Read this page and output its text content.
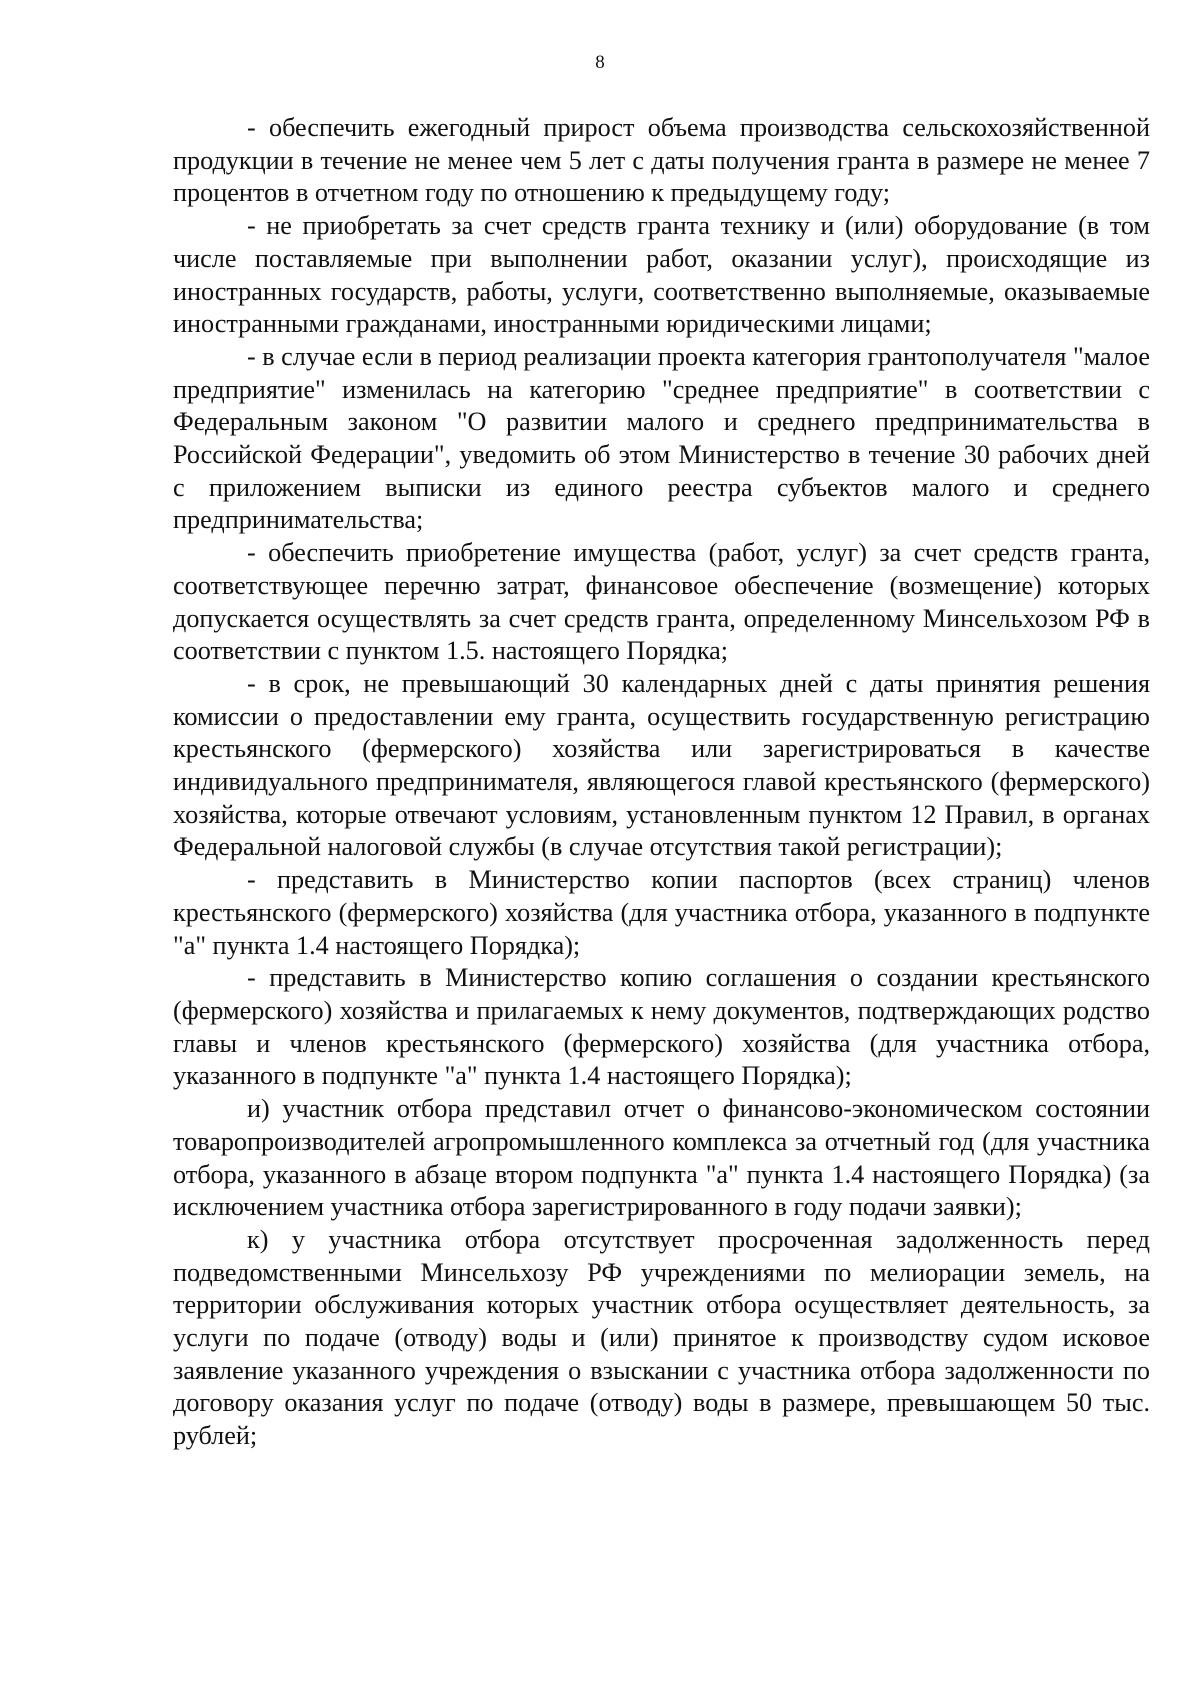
8

- обеспечить ежегодный прирост объема производства сельскохозяйственной продукции в течение не менее чем 5 лет с даты получения гранта в размере не менее 7 процентов в отчетном году по отношению к предыдущему году;

- не приобретать за счет средств гранта технику и (или) оборудование (в том числе поставляемые при выполнении работ, оказании услуг), происходящие из иностранных государств, работы, услуги, соответственно выполняемые, оказываемые иностранными гражданами, иностранными юридическими лицами;

- в случае если в период реализации проекта категория грантополучателя "малое предприятие" изменилась на категорию "среднее предприятие" в соответствии с Федеральным законом "О развитии малого и среднего предпринимательства в Российской Федерации", уведомить об этом Министерство в течение 30 рабочих дней с приложением выписки из единого реестра субъектов малого и среднего предпринимательства;

- обеспечить приобретение имущества (работ, услуг) за счет средств гранта, соответствующее перечню затрат, финансовое обеспечение (возмещение) которых допускается осуществлять за счет средств гранта, определенному Минсельхозом РФ в соответствии с пунктом 1.5. настоящего Порядка;

- в срок, не превышающий 30 календарных дней с даты принятия решения комиссии о предоставлении ему гранта, осуществить государственную регистрацию крестьянского (фермерского) хозяйства или зарегистрироваться в качестве индивидуального предпринимателя, являющегося главой крестьянского (фермерского) хозяйства, которые отвечают условиям, установленным пунктом 12 Правил, в органах Федеральной налоговой службы (в случае отсутствия такой регистрации);

- представить в Министерство копии паспортов (всех страниц) членов крестьянского (фермерского) хозяйства (для участника отбора, указанного в подпункте "а" пункта 1.4 настоящего Порядка);

- представить в Министерство копию соглашения о создании крестьянского (фермерского) хозяйства и прилагаемых к нему документов, подтверждающих родство главы и членов крестьянского (фермерского) хозяйства (для участника отбора, указанного в подпункте "а" пункта 1.4 настоящего Порядка);

и) участник отбора представил отчет о финансово-экономическом состоянии товаропроизводителей агропромышленного комплекса за отчетный год (для участника отбора, указанного в абзаце втором подпункта "а" пункта 1.4 настоящего Порядка) (за исключением участника отбора зарегистрированного в году подачи заявки);

к) у участника отбора отсутствует просроченная задолженность перед подведомственными Минсельхозу РФ учреждениями по мелиорации земель, на территории обслуживания которых участник отбора осуществляет деятельность, за услуги по подаче (отводу) воды и (или) принятое к производству судом исковое заявление указанного учреждения о взыскании с участника отбора задолженности по договору оказания услуг по подаче (отводу) воды в размере, превышающем 50 тыс. рублей;
